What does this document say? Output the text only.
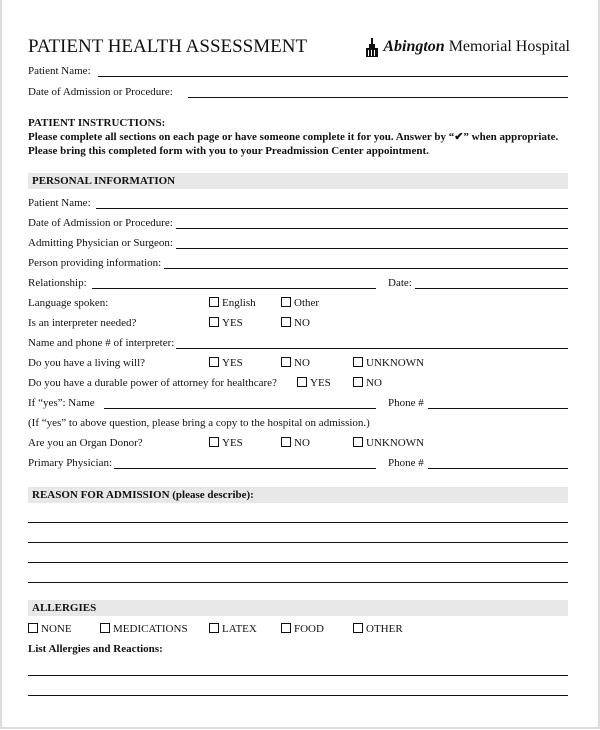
PATIENT HEALTH ASSESSMENT	Abington Memorial Hospital
Patient Name:
Date of Admission or Procedure:
PATIENT INSTRUCTIONS:
Please complete all sections on each page or have someone complete it for you. Answer by “✔” when appropriate.
Please bring this completed form with you to your Preadmission Center appointment.
PERSONAL INFORMATION
Patient Name:
Date of Admission or Procedure:
Admitting Physician or Surgeon:
Person providing information:
Relationship:	Date:
Language spoken:	English	Other
Is an interpreter needed?	YES	NO
Name and phone # of interpreter:
Do you have a living will?	YES	NO	UNKNOWN
Do you have a durable power of attorney for healthcare?	YES	NO
If “yes”: Name	Phone #
(If “yes” to above question, please bring a copy to the hospital on admission.)
Are you an Organ Donor?	YES	NO	UNKNOWN
Primary Physician:	Phone #
REASON FOR ADMISSION (please describe):
ALLERGIES
NONE	MEDICATIONS	LATEX	FOOD	OTHER
List Allergies and Reactions:
